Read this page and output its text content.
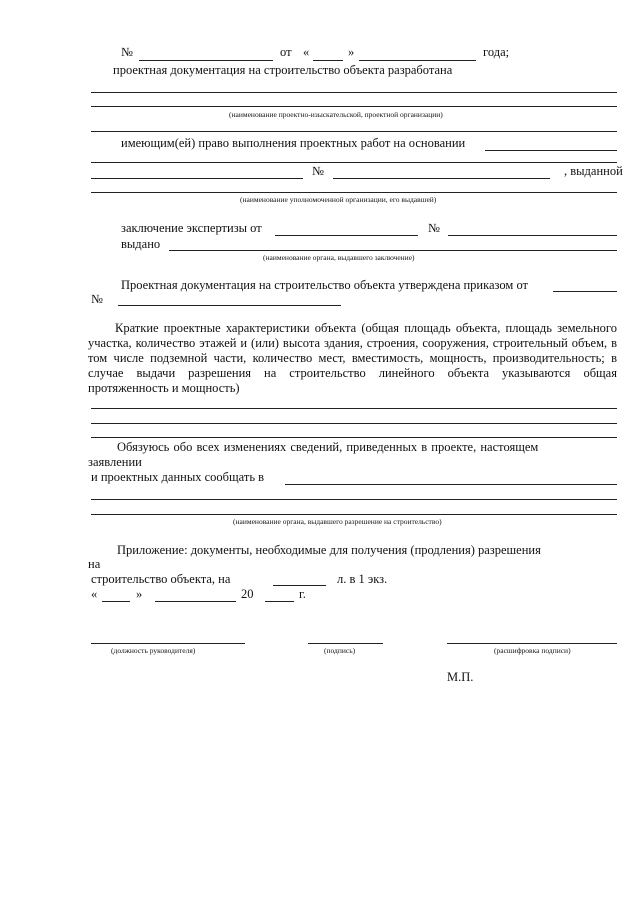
№	от «	»	года;
проектная документация на строительство объекта разработана
(наименование проектно-изыскательской, проектной организации)
имеющим(ей) право выполнения проектных работ на основании
№	, выданной
(наименование уполномоченной организации, его выдавшей)
заключение экспертизы от	№
выдано
(наименование органа, выдавшего заключение)
Проектная документация на строительство объекта утверждена приказом от
№
Краткие проектные характеристики объекта (общая площадь объекта, площадь земельного участка, количество этажей и (или) высота здания, строения, сооружения, строительный объем, в том числе подземной части, количество мест, вместимость, мощность, производительность; в случае выдачи разрешения на строительство линейного объекта указываются общая протяженность и мощность)
Обязуюсь обо всех изменениях сведений, приведенных в проекте, настоящем
заявлении
и проектных данных сообщать в
(наименование органа, выдавшего разрешение на строительство)
Приложение: документы, необходимые для получения (продления) разрешения
на
строительство объекта, на	л. в 1 экз.
«	»	20	г.
(должность руководителя)	(подпись)	(расшифровка подписи)
М.П.
